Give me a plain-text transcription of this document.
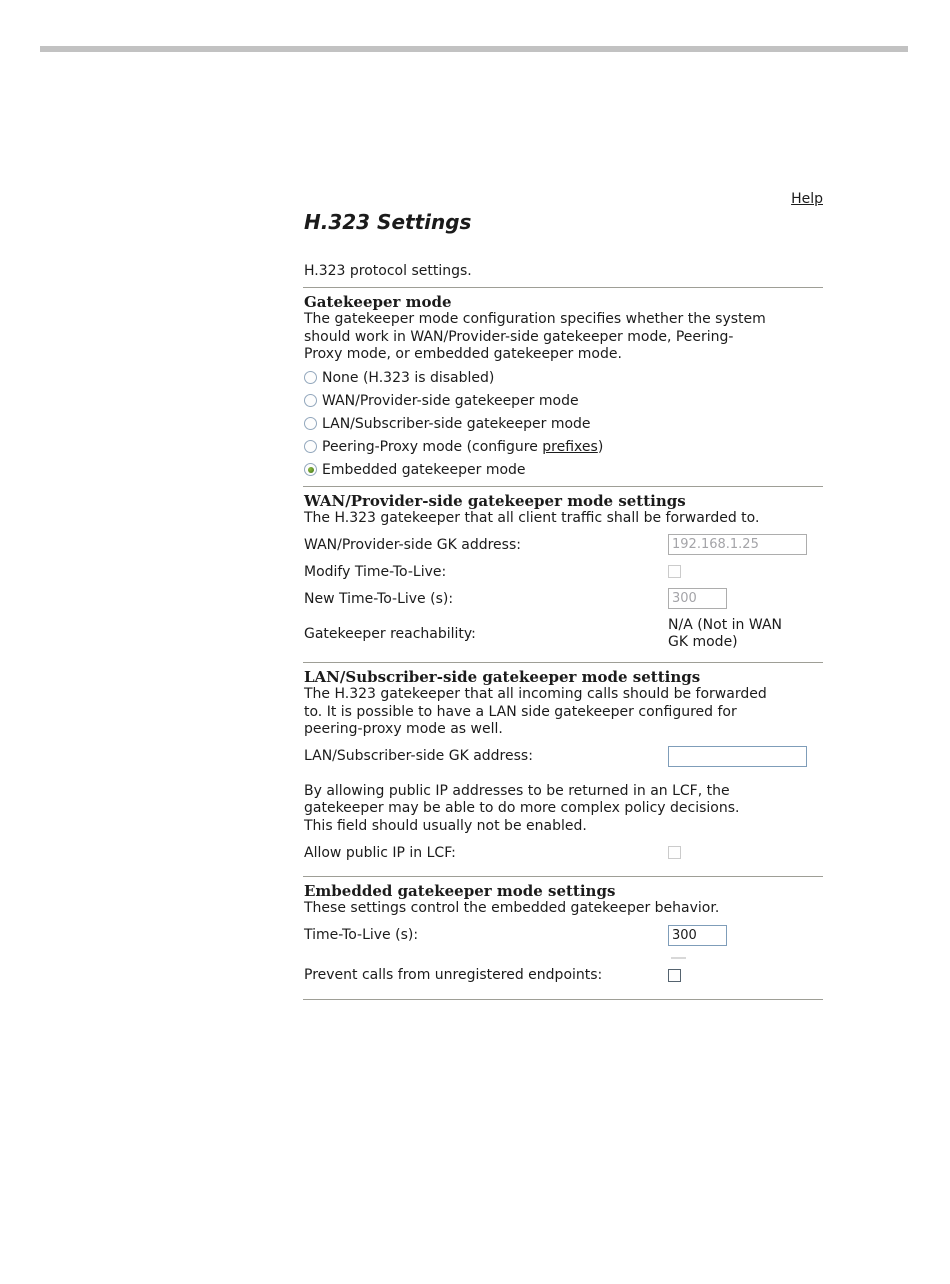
Help
H.323 Settings
H.323 protocol settings.
Gatekeeper mode
The gatekeeper mode configuration specifies whether the system
should work in WAN/Provider-side gatekeeper mode, Peering-
Proxy mode, or embedded gatekeeper mode.
None (H.323 is disabled)
WAN/Provider-side gatekeeper mode
LAN/Subscriber-side gatekeeper mode
Peering-Proxy mode (configure prefixes)
Embedded gatekeeper mode
WAN/Provider-side gatekeeper mode settings
The H.323 gatekeeper that all client traffic shall be forwarded to.
WAN/Provider-side GK address:
192.168.1.25
Modify Time-To-Live:
New Time-To-Live (s):
300
Gatekeeper reachability:
N/A (Not in WAN GK mode)
LAN/Subscriber-side gatekeeper mode settings
The H.323 gatekeeper that all incoming calls should be forwarded
to. It is possible to have a LAN side gatekeeper configured for
peering-proxy mode as well.
LAN/Subscriber-side GK address:
By allowing public IP addresses to be returned in an LCF, the
gatekeeper may be able to do more complex policy decisions.
This field should usually not be enabled.
Allow public IP in LCF:
Embedded gatekeeper mode settings
These settings control the embedded gatekeeper behavior.
Time-To-Live (s):
300
Prevent calls from unregistered endpoints:
